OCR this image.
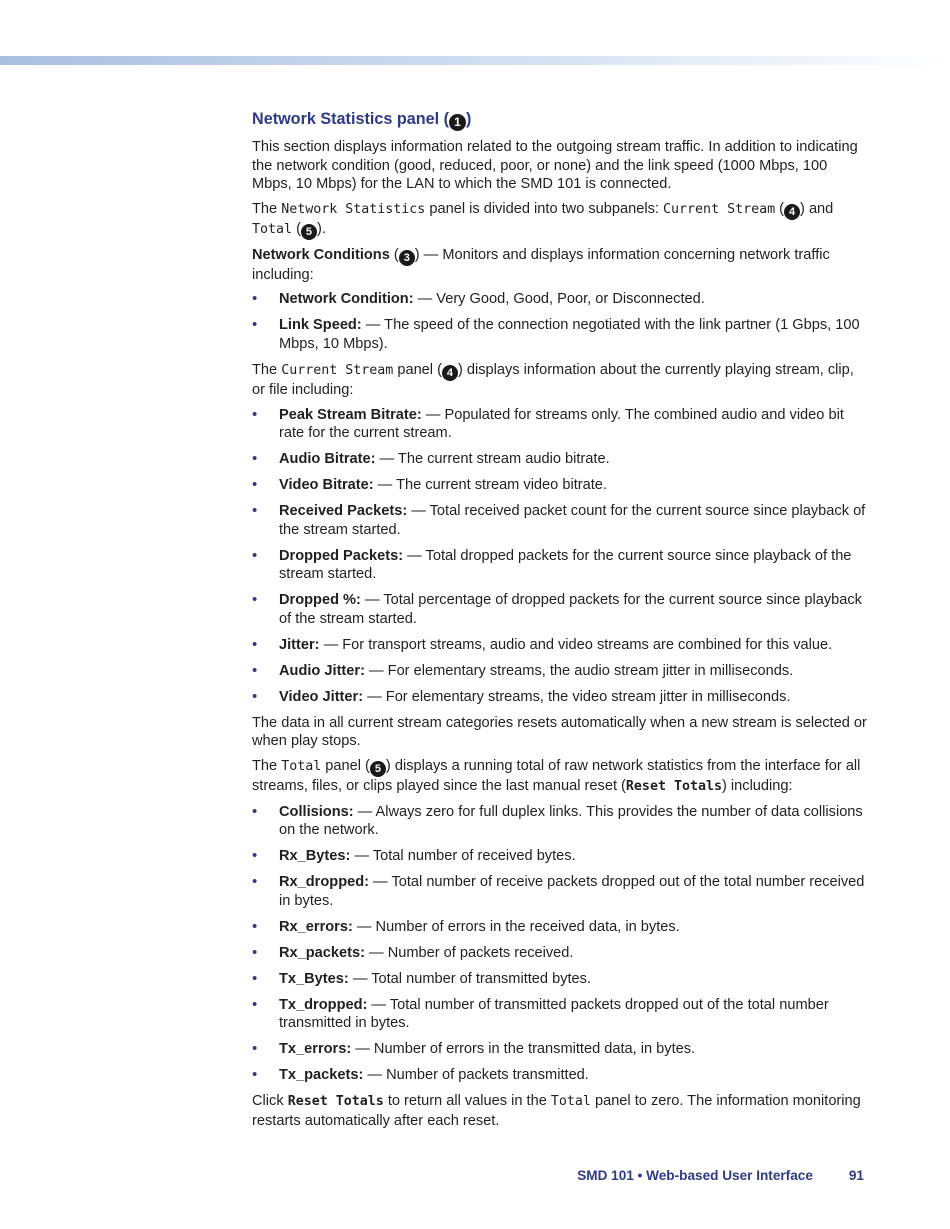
Network Statistics panel ( 1 )

This section displays information related to the outgoing stream traffic. In addition to indicating the network condition (good, reduced, poor, or none) and the link speed (1000 Mbps, 100 Mbps, 10 Mbps) for the LAN to which the SMD 101 is connected.

The Network Statistics panel is divided into two subpanels: Current Stream ( 4 ) and Total ( 5 ).

Network Conditions ( 3 ) — Monitors and displays information concerning network traffic including:

• Network Condition: — Very Good, Good, Poor, or Disconnected.
• Link Speed: — The speed of the connection negotiated with the link partner (1 Gbps, 100 Mbps, 10 Mbps).

The Current Stream panel ( 4 ) displays information about the currently playing stream, clip, or file including:

• Peak Stream Bitrate: — Populated for streams only. The combined audio and video bit rate for the current stream.
• Audio Bitrate: — The current stream audio bitrate.
• Video Bitrate: — The current stream video bitrate.
• Received Packets: — Total received packet count for the current source since playback of the stream started.
• Dropped Packets: — Total dropped packets for the current source since playback of the stream started.
• Dropped %: — Total percentage of dropped packets for the current source since playback of the stream started.
• Jitter: — For transport streams, audio and video streams are combined for this value.
• Audio Jitter: — For elementary streams, the audio stream jitter in milliseconds.
• Video Jitter: — For elementary streams, the video stream jitter in milliseconds.

The data in all current stream categories resets automatically when a new stream is selected or when play stops.

The Total panel ( 5 ) displays a running total of raw network statistics from the interface for all streams, files, or clips played since the last manual reset (Reset Totals) including:

• Collisions: — Always zero for full duplex links. This provides the number of data collisions on the network.
• Rx_Bytes: — Total number of received bytes.
• Rx_dropped: — Total number of receive packets dropped out of the total number received in bytes.
• Rx_errors: — Number of errors in the received data, in bytes.
• Rx_packets: — Number of packets received.
• Tx_Bytes: — Total number of transmitted bytes.
• Tx_dropped: — Total number of transmitted packets dropped out of the total number transmitted in bytes.
• Tx_errors: — Number of errors in the transmitted data, in bytes.
• Tx_packets: — Number of packets transmitted.

Click Reset Totals to return all values in the Total panel to zero. The information monitoring restarts automatically after each reset.

SMD 101 • Web-based User Interface	91
